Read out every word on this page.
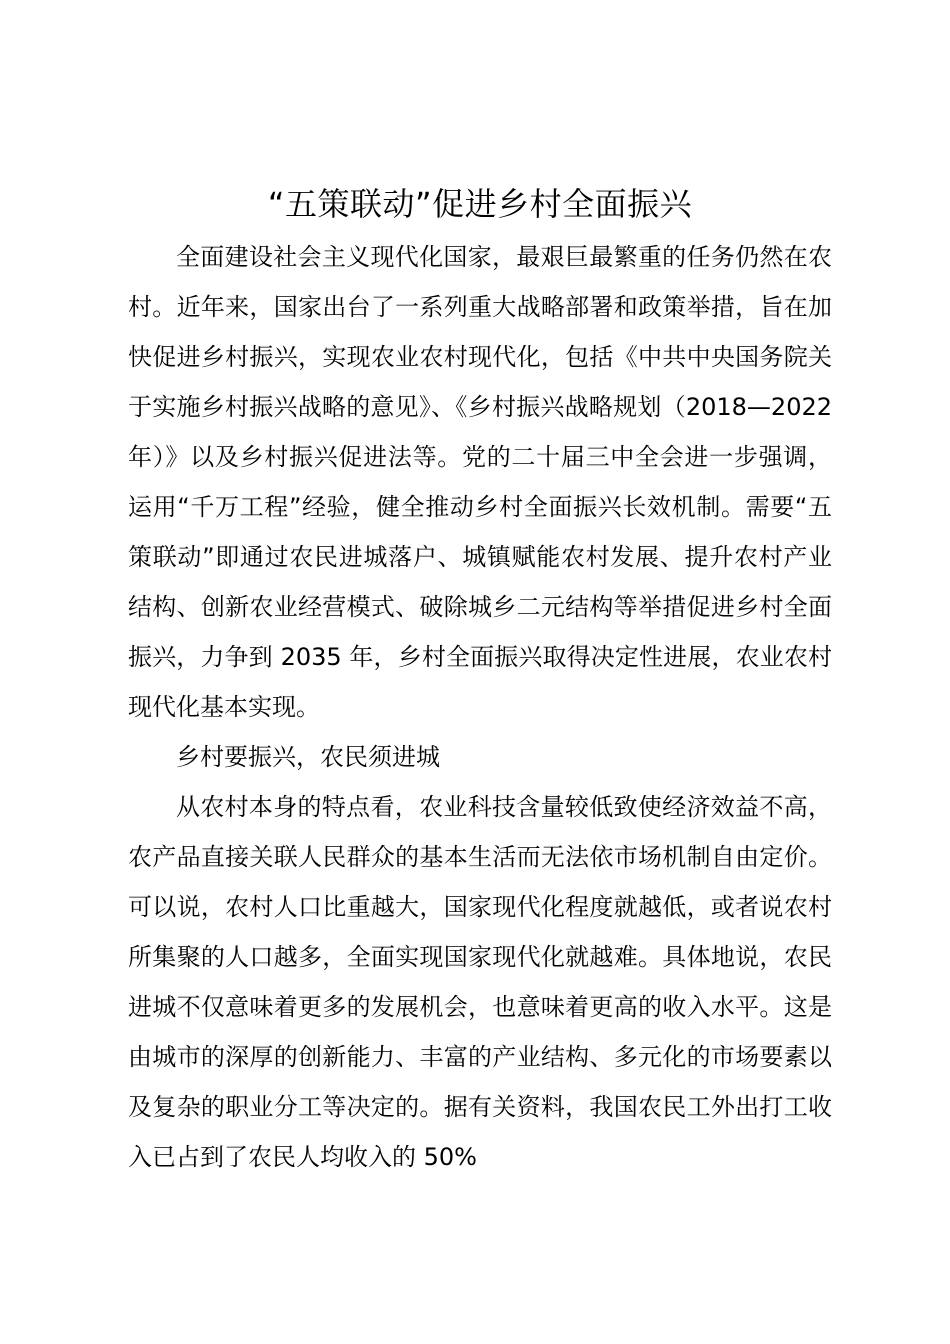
“五策联动”促进乡村全面振兴

全面建设社会主义现代化国家，最艰巨最繁重的任务仍然在农村。近年来，国家出台了一系列重大战略部署和政策举措，旨在加快促进乡村振兴，实现农业农村现代化，包括《中共中央国务院关于实施乡村振兴战略的意见》、《乡村振兴战略规划（2018—2022 年）》以及乡村振兴促进法等。党的二十届三中全会进一步强调，运用“千万工程”经验，健全推动乡村全面振兴长效机制。需要“五策联动”即通过农民进城落户、城镇赋能农村发展、提升农村产业结构、创新农业经营模式、破除城乡二元结构等举措促进乡村全面振兴，力争到 2035 年，乡村全面振兴取得决定性进展，农业农村现代化基本实现。

乡村要振兴，农民须进城

从农村本身的特点看，农业科技含量较低致使经济效益不高，农产品直接关联人民群众的基本生活而无法依市场机制自由定价。可以说，农村人口比重越大，国家现代化程度就越低，或者说农村所集聚的人口越多，全面实现国家现代化就越难。具体地说，农民进城不仅意味着更多的发展机会，也意味着更高的收入水平。这是由城市的深厚的创新能力、丰富的产业结构、多元化的市场要素以及复杂的职业分工等决定的。据有关资料，我国农民工外出打工收入已占到了农民人均收入的 50%
